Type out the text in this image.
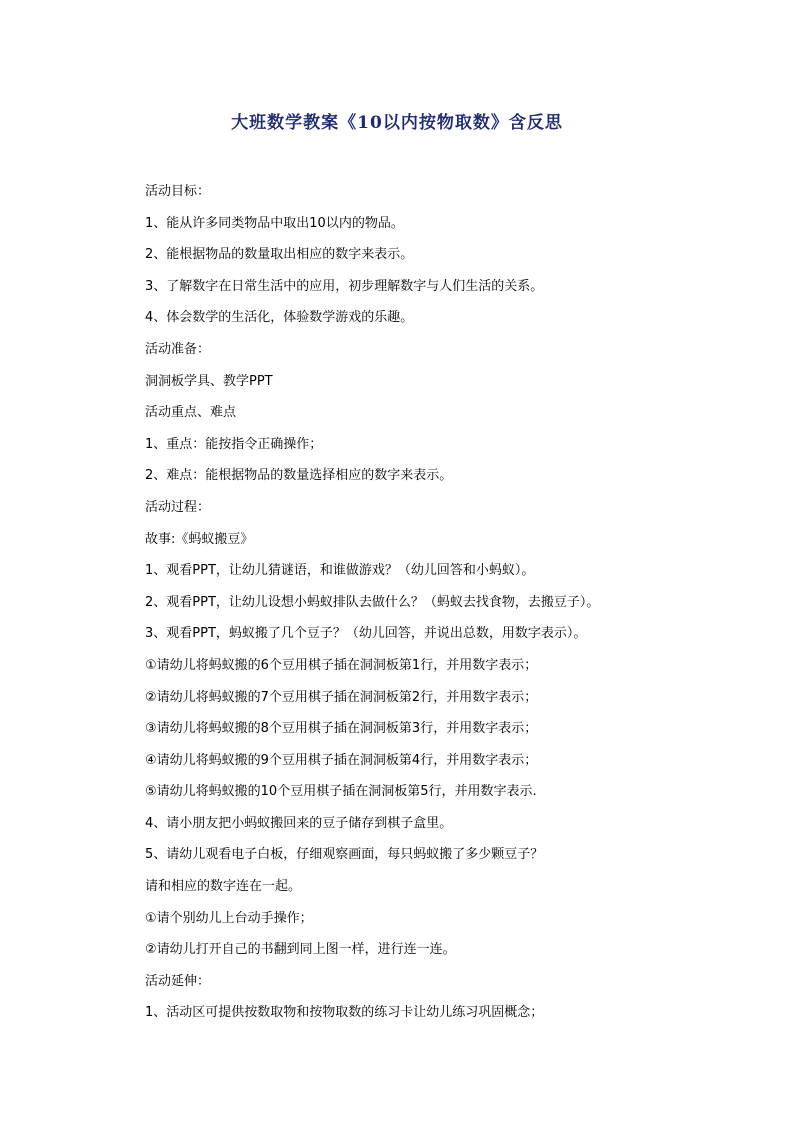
大班数学教案《10以内按物取数》含反思
活动目标：
1、能从许多同类物品中取出10以内的物品。
2、能根据物品的数量取出相应的数字来表示。
3、了解数字在日常生活中的应用，初步理解数字与人们生活的关系。
4、体会数学的生活化，体验数学游戏的乐趣。
活动准备：
洞洞板学具、教学PPT
活动重点、难点
1、重点：能按指令正确操作；
2、难点：能根据物品的数量选择相应的数字来表示。
活动过程：
故事:《蚂蚁搬豆》
1、观看PPT，让幼儿猜谜语，和谁做游戏？（幼儿回答和小蚂蚁）。
2、观看PPT，让幼儿设想小蚂蚁排队去做什么？（蚂蚁去找食物，去搬豆子）。
3、观看PPT，蚂蚁搬了几个豆子？（幼儿回答，并说出总数，用数字表示）。
①请幼儿将蚂蚁搬的6个豆用棋子插在洞洞板第1行，并用数字表示；
②请幼儿将蚂蚁搬的7个豆用棋子插在洞洞板第2行，并用数字表示；
③请幼儿将蚂蚁搬的8个豆用棋子插在洞洞板第3行，并用数字表示；
④请幼儿将蚂蚁搬的9个豆用棋子插在洞洞板第4行，并用数字表示；
⑤请幼儿将蚂蚁搬的10个豆用棋子插在洞洞板第5行，并用数字表示.
4、请小朋友把小蚂蚁搬回来的豆子储存到棋子盒里。
5、请幼儿观看电子白板，仔细观察画面，每只蚂蚁搬了多少颗豆子？
请和相应的数字连在一起。
①请个别幼儿上台动手操作；
②请幼儿打开自己的书翻到同上图一样，进行连一连。
活动延伸：
1、活动区可提供按数取物和按物取数的练习卡让幼儿练习巩固概念；
